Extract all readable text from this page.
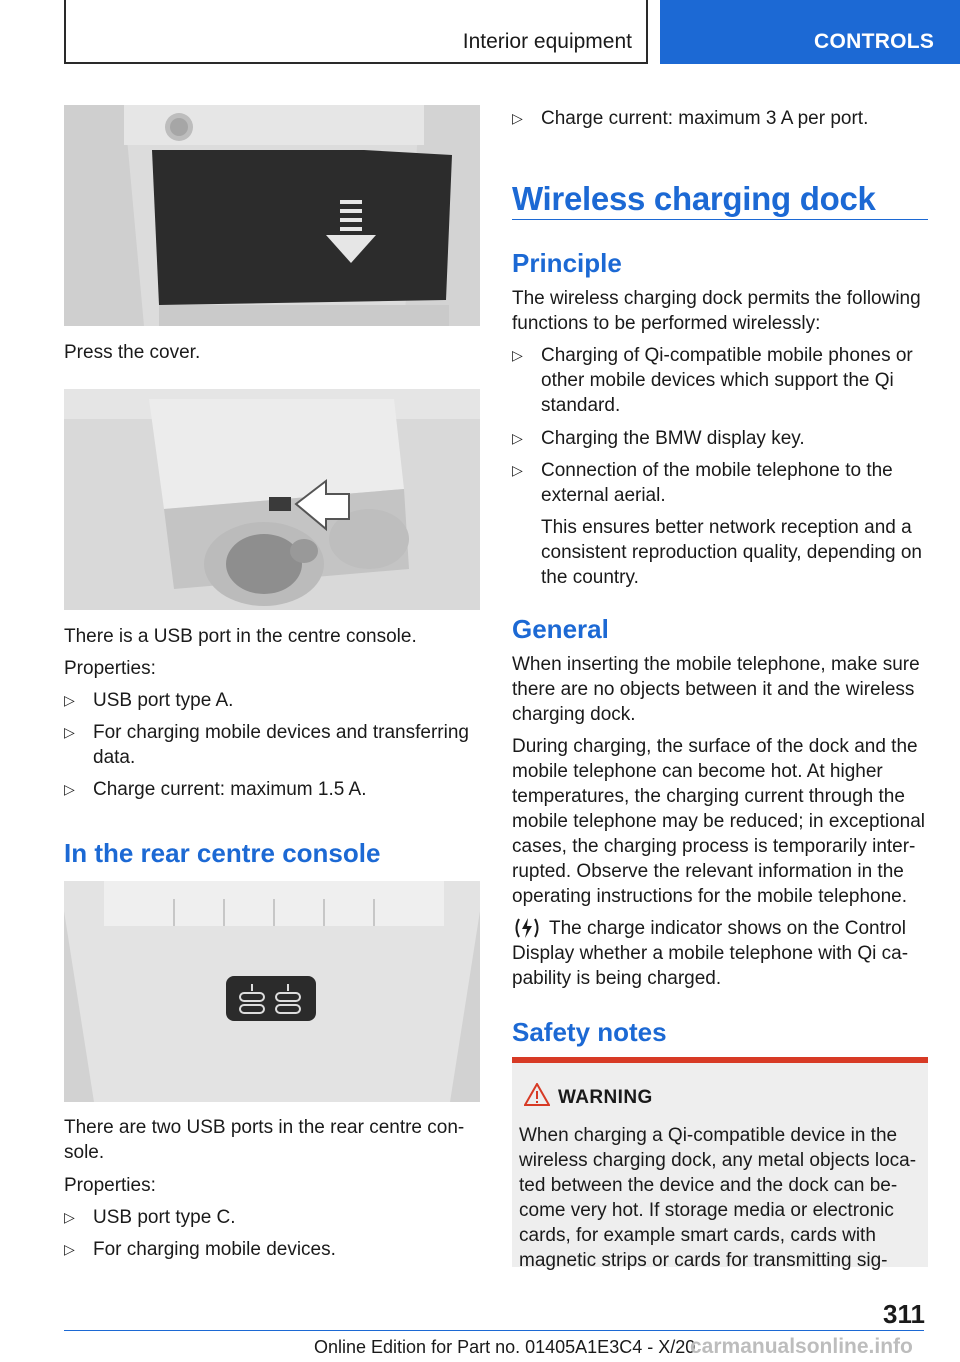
Interior equipment	CONTROLS

Press the cover.

There is a USB port in the centre console.

Properties:

▷ USB port type A.
▷ For charging mobile devices and transferring data.
▷ Charge current: maximum 1.5 A.
In the rear centre console

There are two USB ports in the rear centre con-sole.

Properties:

▷ USB port type C.
▷ For charging mobile devices.
▷ Charge current: maximum 3 A per port.
Wireless charging dock
Principle

The wireless charging dock permits the following functions to be performed wirelessly:

▷ Charging of Qi-compatible mobile phones or other mobile devices which support the Qi standard.
▷ Charging the BMW display key.
▷ Connection of the mobile telephone to the external aerial.

This ensures better network reception and a consistent reproduction quality, depending on the country.

General

When inserting the mobile telephone, make sure there are no objects between it and the wireless charging dock.

During charging, the surface of the dock and the mobile telephone can become hot. At higher temperatures, the charging current through the mobile telephone may be reduced; in exceptional cases, the charging process is temporarily inter-rupted. Observe the relevant information in the operating instructions for the mobile telephone.

The charge indicator shows on the Control Display whether a mobile telephone with Qi ca-pability is being charged.

Safety notes
WARNING

When charging a Qi-compatible device in the wireless charging dock, any metal objects loca-ted between the device and the dock can be-come very hot. If storage media or electronic cards, for example smart cards, cards with magnetic strips or cards for transmitting sig-

311
Online Edition for Part no. 01405A1E3C4 - X/20
carmanualsonline.info
